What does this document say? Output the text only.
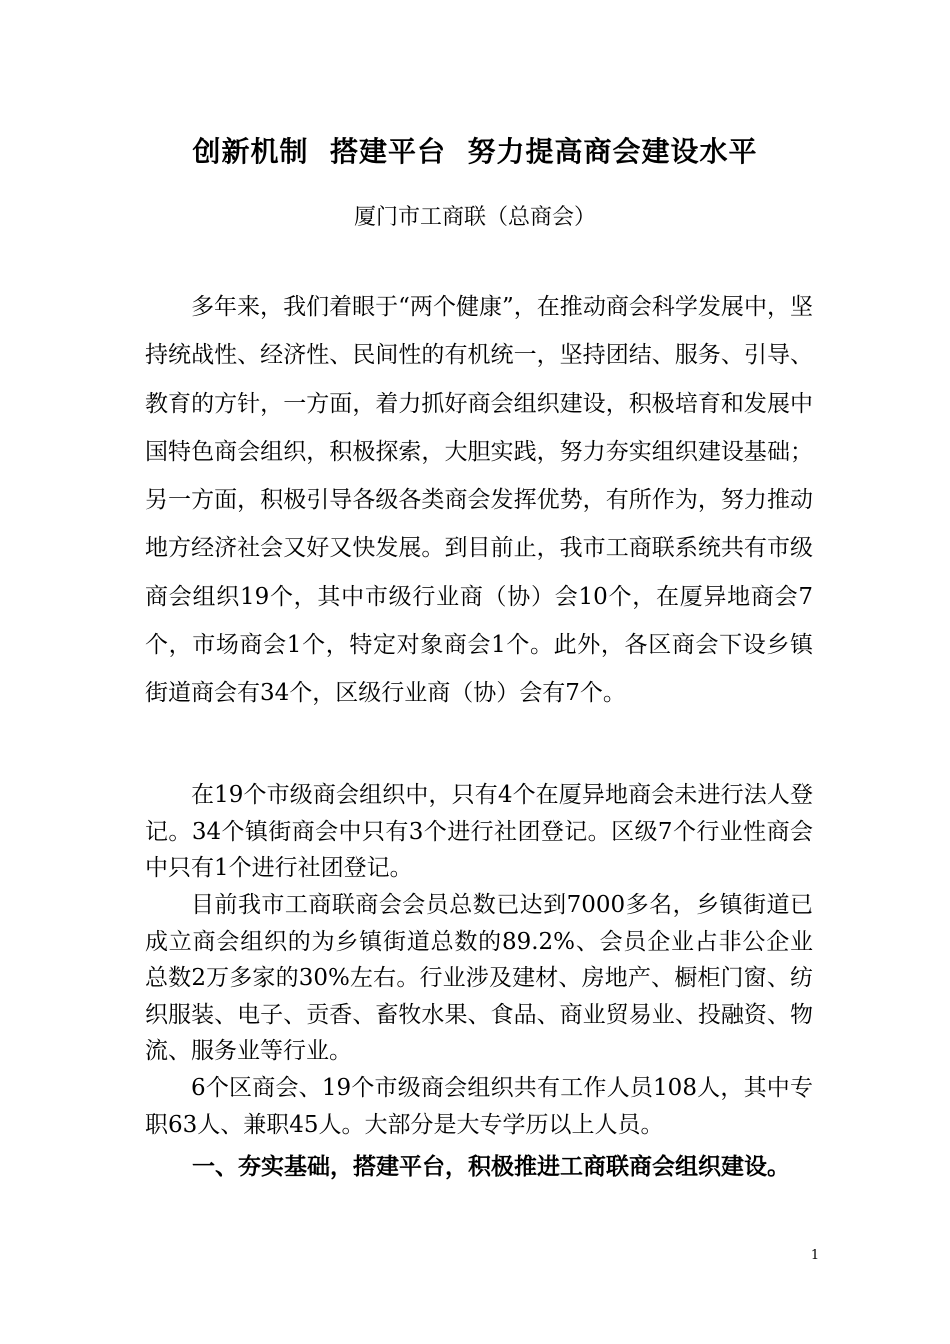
创新机制  搭建平台  努力提高商会建设水平
厦门市工商联（总商会）
多年来，我们着眼于“两个健康”，在推动商会科学发展中，坚持统战性、经济性、民间性的有机统一，坚持团结、服务、引导、教育的方针，一方面，着力抓好商会组织建设，积极培育和发展中国特色商会组织，积极探索，大胆实践，努力夯实组织建设基础；另一方面，积极引导各级各类商会发挥优势，有所作为，努力推动地方经济社会又好又快发展。到目前止，我市工商联系统共有市级商会组织19个，其中市级行业商（协）会10个，在厦异地商会7个，市场商会1个，特定对象商会1个。此外，各区商会下设乡镇街道商会有34个，区级行业商（协）会有7个。
在19个市级商会组织中，只有4个在厦异地商会未进行法人登记。34个镇街商会中只有3个进行社团登记。区级7个行业性商会中只有1个进行社团登记。
目前我市工商联商会会员总数已达到7000多名，乡镇街道已成立商会组织的为乡镇街道总数的89.2%、会员企业占非公企业总数2万多家的30%左右。行业涉及建材、房地产、橱柜门窗、纺织服装、电子、贡香、畜牧水果、食品、商业贸易业、投融资、物流、服务业等行业。
6个区商会、19个市级商会组织共有工作人员108人，其中专职63人、兼职45人。大部分是大专学历以上人员。
一、夯实基础，搭建平台，积极推进工商联商会组织建设。
1
